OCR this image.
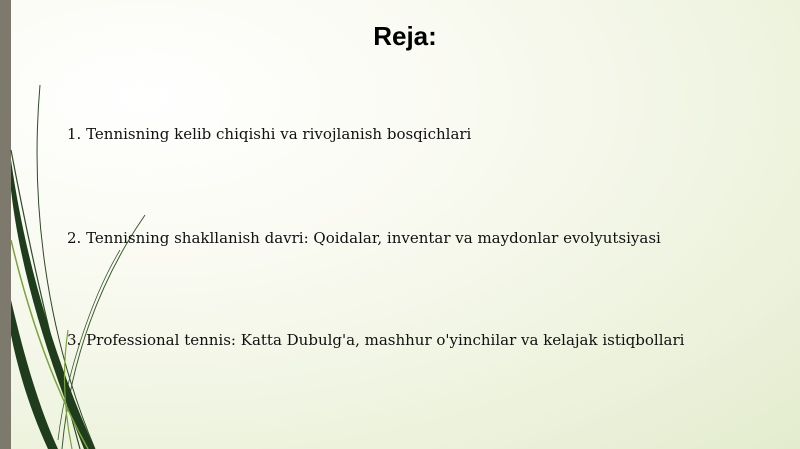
Reja:

1. Tennisning kelib chiqishi va rivojlanish bosqichlari

2. Tennisning shakllanish davri: Qoidalar, inventar va maydonlar evolyutsiyasi

3. Professional tennis: Katta Dubulg'a, mashhur o'yinchilar va kelajak istiqbollari
